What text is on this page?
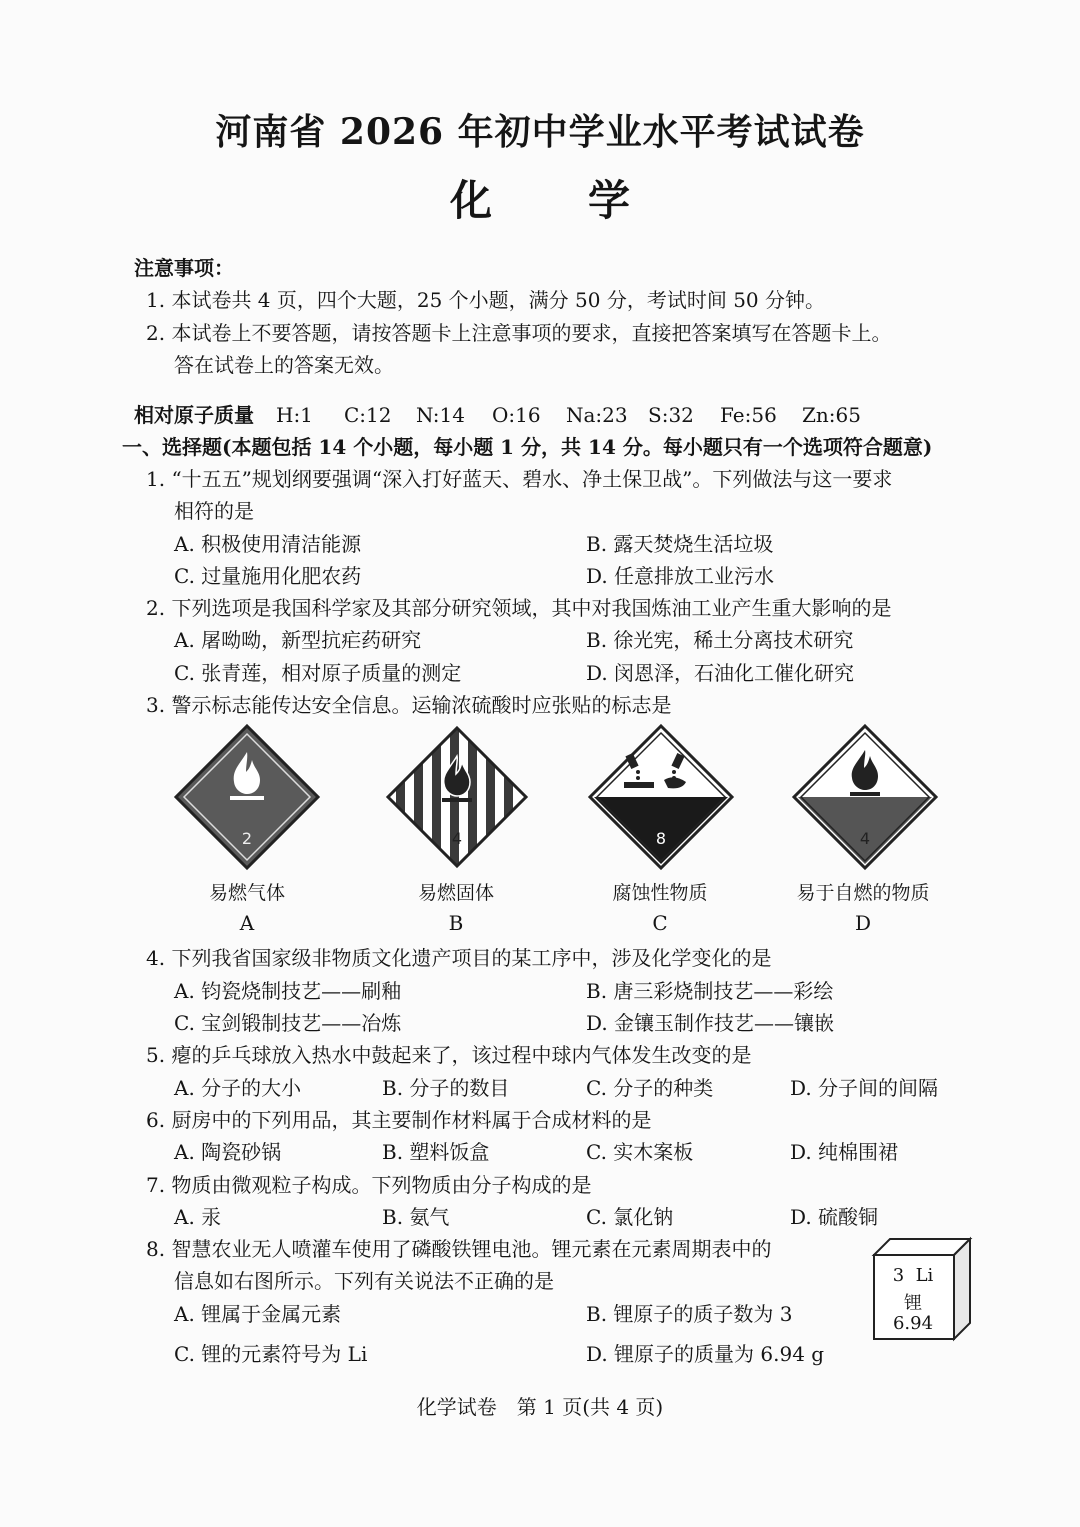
河南省 2026 年初中学业水平考试试卷
化学
注意事项：
1. 本试卷共 4 页，四个大题，25 个小题，满分 50 分，考试时间 50 分钟。
2. 本试卷上不要答题，请按答题卡上注意事项的要求，直接把答案填写在答题卡上。
答在试卷上的答案无效。
相对原子质量 H:1 C:12 N:14 O:16 Na:23 S:32 Fe:56 Zn:65
一、选择题(本题包括 14 个小题，每小题 1 分，共 14 分。每小题只有一个选项符合题意)
1. “十五五”规划纲要强调“深入打好蓝天、碧水、净土保卫战”。下列做法与这一要求
相符的是
A. 积极使用清洁能源	B. 露天焚烧生活垃圾
C. 过量施用化肥农药	D. 任意排放工业污水
2. 下列选项是我国科学家及其部分研究领域，其中对我国炼油工业产生重大影响的是
A. 屠呦呦，新型抗疟药研究	B. 徐光宪，稀土分离技术研究
C. 张青莲，相对原子质量的测定	D. 闵恩泽，石油化工催化研究
3. 警示标志能传达安全信息。运输浓硫酸时应张贴的标志是
2	4	8	4
易燃气体	易燃固体	腐蚀性物质	易于自燃的物质
A	B	C	D
4. 下列我省国家级非物质文化遗产项目的某工序中，涉及化学变化的是
A. 钧瓷烧制技艺——刷釉	B. 唐三彩烧制技艺——彩绘
C. 宝剑锻制技艺——冶炼	D. 金镶玉制作技艺——镶嵌
5. 瘪的乒乓球放入热水中鼓起来了，该过程中球内气体发生改变的是
A. 分子的大小	B. 分子的数目	C. 分子的种类	D. 分子间的间隔
6. 厨房中的下列用品，其主要制作材料属于合成材料的是
A. 陶瓷砂锅	B. 塑料饭盒	C. 实木案板	D. 纯棉围裙
7. 物质由微观粒子构成。下列物质由分子构成的是
A. 汞	B. 氨气	C. 氯化钠	D. 硫酸铜
8. 智慧农业无人喷灌车使用了磷酸铁锂电池。锂元素在元素周期表中的
信息如右图所示。下列有关说法不正确的是
A. 锂属于金属元素	B. 锂原子的质子数为 3
C. 锂的元素符号为 Li	D. 锂原子的质量为 6.94 g
3 Li
锂
6.94
化学试卷　第 1 页(共 4 页)
